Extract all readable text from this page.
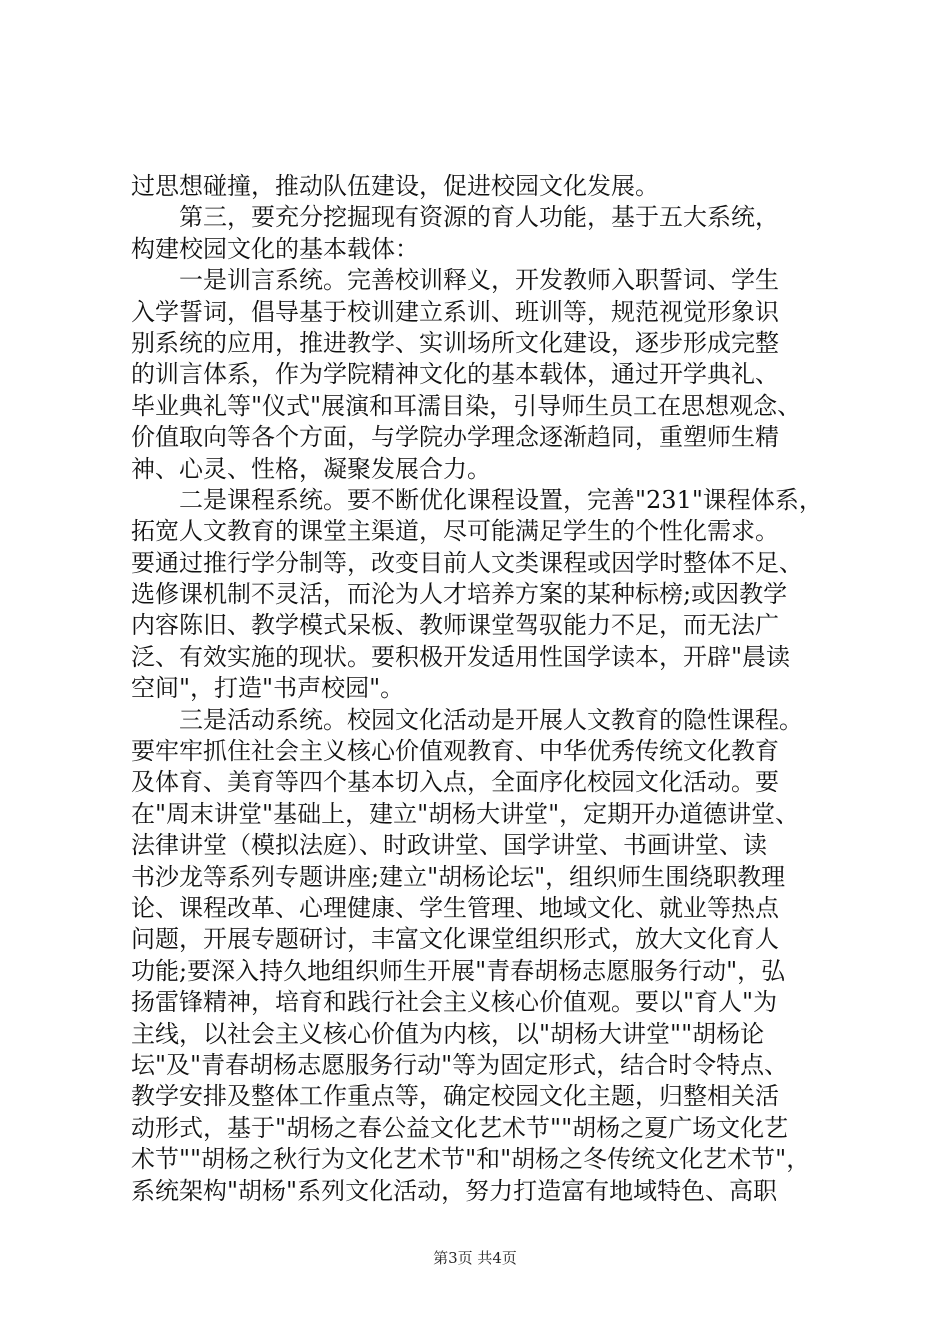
过思想碰撞，推动队伍建设，促进校园文化发展。
第三，要充分挖掘现有资源的育人功能，基于五大系统，
构建校园文化的基本载体：
一是训言系统。完善校训释义，开发教师入职誓词、学生
入学誓词，倡导基于校训建立系训、班训等，规范视觉形象识
别系统的应用，推进教学、实训场所文化建设，逐步形成完整
的训言体系，作为学院精神文化的基本载体，通过开学典礼、
毕业典礼等"仪式"展演和耳濡目染，引导师生员工在思想观念、
价值取向等各个方面，与学院办学理念逐渐趋同，重塑师生精
神、心灵、性格，凝聚发展合力。
二是课程系统。要不断优化课程设置，完善"231"课程体系，
拓宽人文教育的课堂主渠道，尽可能满足学生的个性化需求。
要通过推行学分制等，改变目前人文类课程或因学时整体不足、
选修课机制不灵活，而沦为人才培养方案的某种标榜;或因教学
内容陈旧、教学模式呆板、教师课堂驾驭能力不足，而无法广
泛、有效实施的现状。要积极开发适用性国学读本，开辟"晨读
空间"，打造"书声校园"。
三是活动系统。校园文化活动是开展人文教育的隐性课程。
要牢牢抓住社会主义核心价值观教育、中华优秀传统文化教育
及体育、美育等四个基本切入点，全面序化校园文化活动。要
在"周末讲堂"基础上，建立"胡杨大讲堂"，定期开办道德讲堂、
法律讲堂（模拟法庭）、时政讲堂、国学讲堂、书画讲堂、读
书沙龙等系列专题讲座;建立"胡杨论坛"，组织师生围绕职教理
论、课程改革、心理健康、学生管理、地域文化、就业等热点
问题，开展专题研讨，丰富文化课堂组织形式，放大文化育人
功能;要深入持久地组织师生开展"青春胡杨志愿服务行动"，弘
扬雷锋精神，培育和践行社会主义核心价值观。要以"育人"为
主线，以社会主义核心价值为内核，以"胡杨大讲堂""胡杨论
坛"及"青春胡杨志愿服务行动"等为固定形式，结合时令特点、
教学安排及整体工作重点等，确定校园文化主题，归整相关活
动形式，基于"胡杨之春公益文化艺术节""胡杨之夏广场文化艺
术节""胡杨之秋行为文化艺术节"和"胡杨之冬传统文化艺术节"，
系统架构"胡杨"系列文化活动，努力打造富有地域特色、高职
第3页 共4页
